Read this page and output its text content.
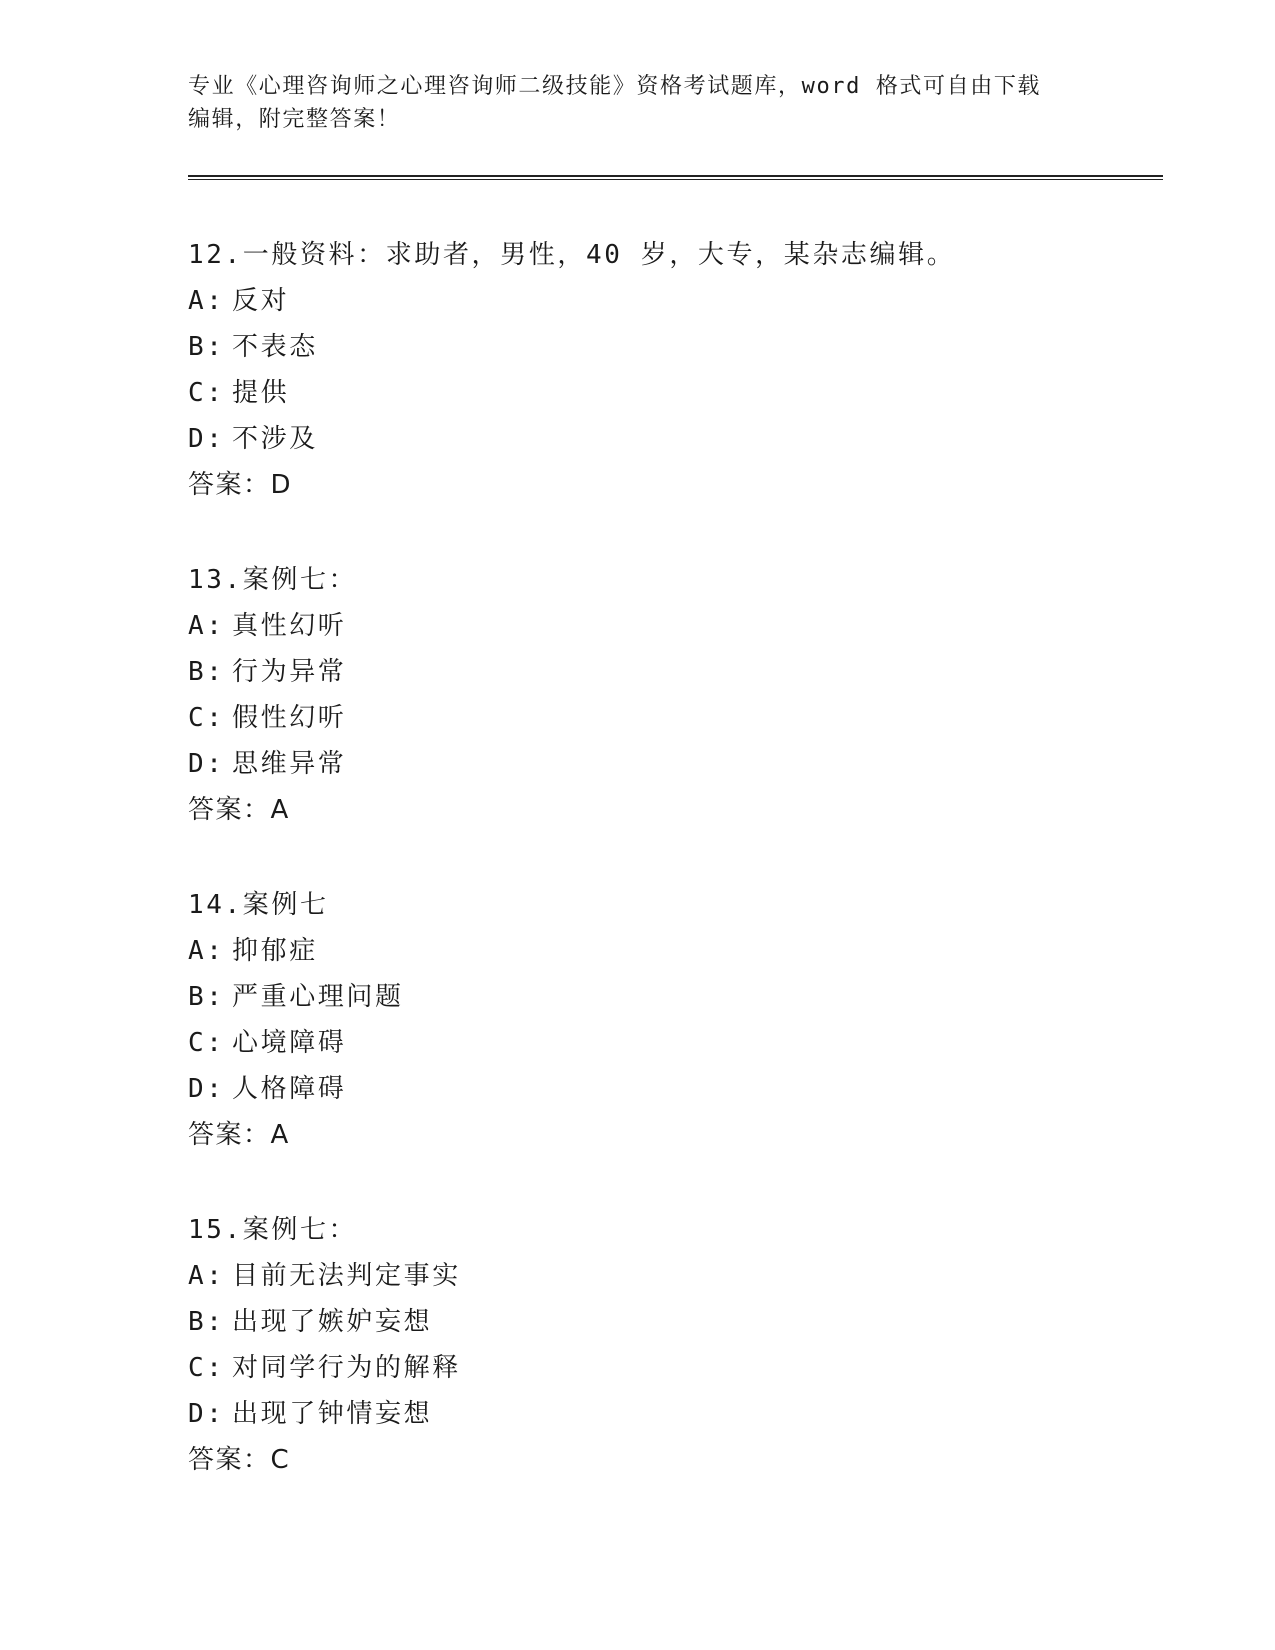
专业《心理咨询师之心理咨询师二级技能》资格考试题库，word 格式可自由下载
编辑，附完整答案！

12.一般资料：求助者，男性，40 岁，大专，某杂志编辑。
A: 反对
B: 不表态
C: 提供
D: 不涉及
答案：D
13.案例七：
A: 真性幻听
B: 行为异常
C: 假性幻听
D: 思维异常
答案：A
14.案例七
A: 抑郁症
B: 严重心理问题
C: 心境障碍
D: 人格障碍
答案：A
15.案例七：
A: 目前无法判定事实
B: 出现了嫉妒妄想
C: 对同学行为的解释
D: 出现了钟情妄想
答案：C
